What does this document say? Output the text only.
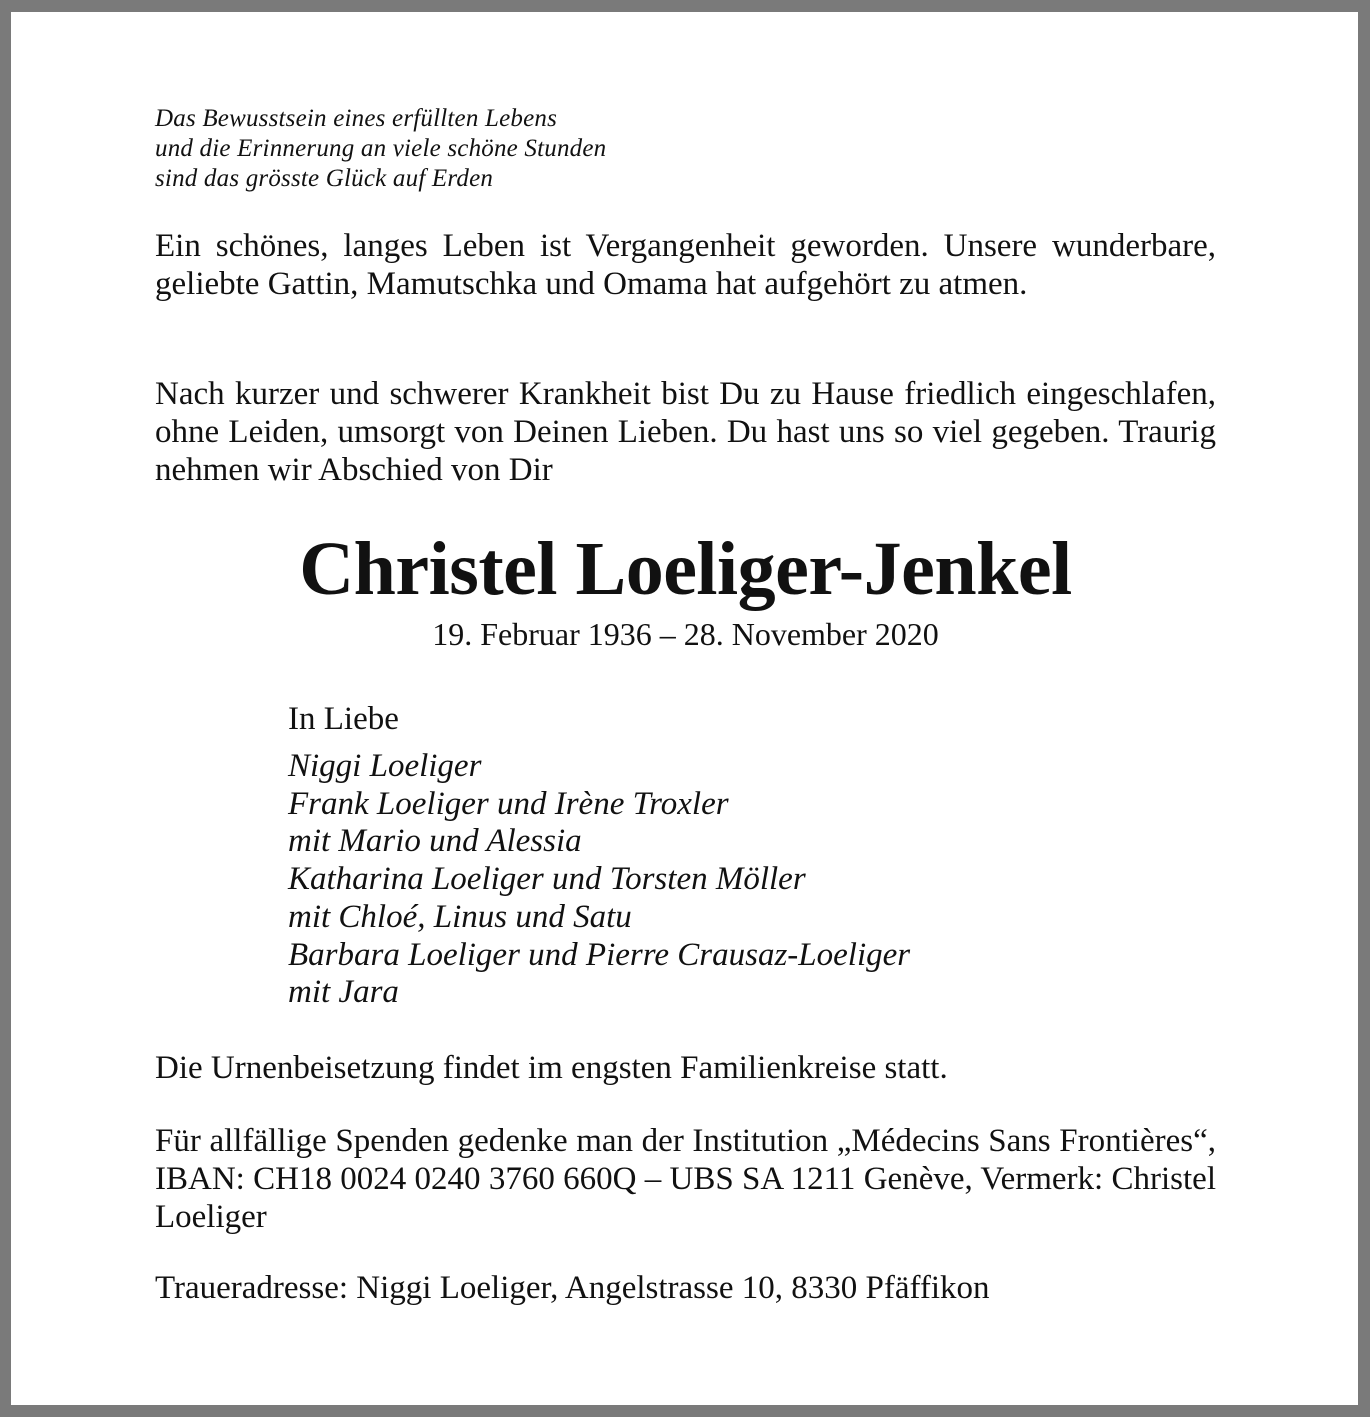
Das Bewusstsein eines erfüllten Lebens
und die Erinnerung an viele schöne Stunden
sind das grösste Glück auf Erden
Ein schönes, langes Leben ist Vergangenheit geworden. Unsere wunderbare, geliebte Gattin, Mamutschka und Omama hat aufgehört zu atmen.
Nach kurzer und schwerer Krankheit bist Du zu Hause friedlich eingeschlafen, ohne Leiden, umsorgt von Deinen Lieben. Du hast uns so viel gegeben. Traurig nehmen wir Abschied von Dir
Christel Loeliger-Jenkel
19. Februar 1936 – 28. November 2020
In Liebe
Niggi Loeliger
Frank Loeliger und Irène Troxler
mit Mario und Alessia
Katharina Loeliger und Torsten Möller
mit Chloé, Linus und Satu
Barbara Loeliger und Pierre Crausaz-Loeliger
mit Jara
Die Urnenbeisetzung findet im engsten Familienkreise statt.
Für allfällige Spenden gedenke man der Institution „Médecins Sans Frontières“, IBAN: CH18 0024 0240 3760 660Q – UBS SA 1211 Genève, Vermerk: Christel Loeliger
Traueradresse: Niggi Loeliger, Angelstrasse 10, 8330 Pfäffikon
